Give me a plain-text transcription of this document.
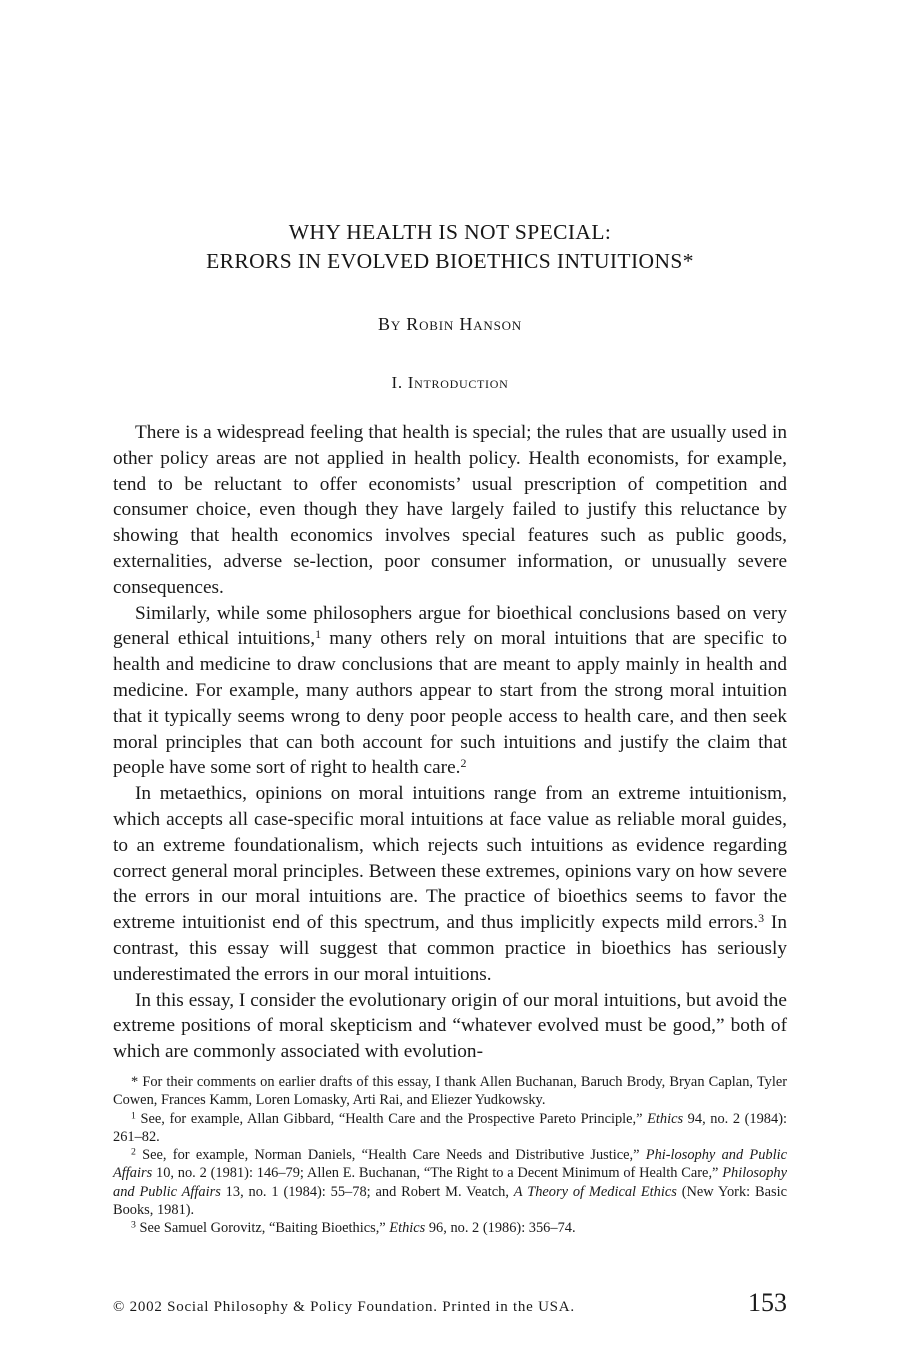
WHY HEALTH IS NOT SPECIAL:
ERRORS IN EVOLVED BIOETHICS INTUITIONS*
By Robin Hanson
I. Introduction

There is a widespread feeling that health is special; the rules that are usually used in other policy areas are not applied in health policy. Health economists, for example, tend to be reluctant to offer economists’ usual prescription of competition and consumer choice, even though they have largely failed to justify this reluctance by showing that health economics involves special features such as public goods, externalities, adverse se-lection, poor consumer information, or unusually severe consequences.

Similarly, while some philosophers argue for bioethical conclusions based on very general ethical intuitions,$^1$ many others rely on moral intuitions that are specific to health and medicine to draw conclusions that are meant to apply mainly in health and medicine. For example, many authors appear to start from the strong moral intuition that it typically seems wrong to deny poor people access to health care, and then seek moral principles that can both account for such intuitions and justify the claim that people have some sort of right to health care.$^2$

In metaethics, opinions on moral intuitions range from an extreme intuitionism, which accepts all case-specific moral intuitions at face value as reliable moral guides, to an extreme foundationalism, which rejects such intuitions as evidence regarding correct general moral principles. Between these extremes, opinions vary on how severe the errors in our moral intuitions are. The practice of bioethics seems to favor the extreme intuitionist end of this spectrum, and thus implicitly expects mild errors.$^3$ In contrast, this essay will suggest that common practice in bioethics has seriously underestimated the errors in our moral intuitions.

In this essay, I consider the evolutionary origin of our moral intuitions, but avoid the extreme positions of moral skepticism and “whatever evolved must be good,” both of which are commonly associated with evolution-

* For their comments on earlier drafts of this essay, I thank Allen Buchanan, Baruch Brody, Bryan Caplan, Tyler Cowen, Frances Kamm, Loren Lomasky, Arti Rai, and Eliezer Yudkowsky.

$^1$ See, for example, Allan Gibbard, “Health Care and the Prospective Pareto Principle,” Ethics 94, no. 2 (1984): 261–82.

$^2$ See, for example, Norman Daniels, “Health Care Needs and Distributive Justice,” Phi-losophy and Public Affairs 10, no. 2 (1981): 146–79; Allen E. Buchanan, “The Right to a Decent Minimum of Health Care,” Philosophy and Public Affairs 13, no. 1 (1984): 55–78; and Robert M. Veatch, A Theory of Medical Ethics (New York: Basic Books, 1981).

$^3$ See Samuel Gorovitz, “Baiting Bioethics,” Ethics 96, no. 2 (1986): 356–74.

© 2002 Social Philosophy & Policy Foundation. Printed in the USA.	153
